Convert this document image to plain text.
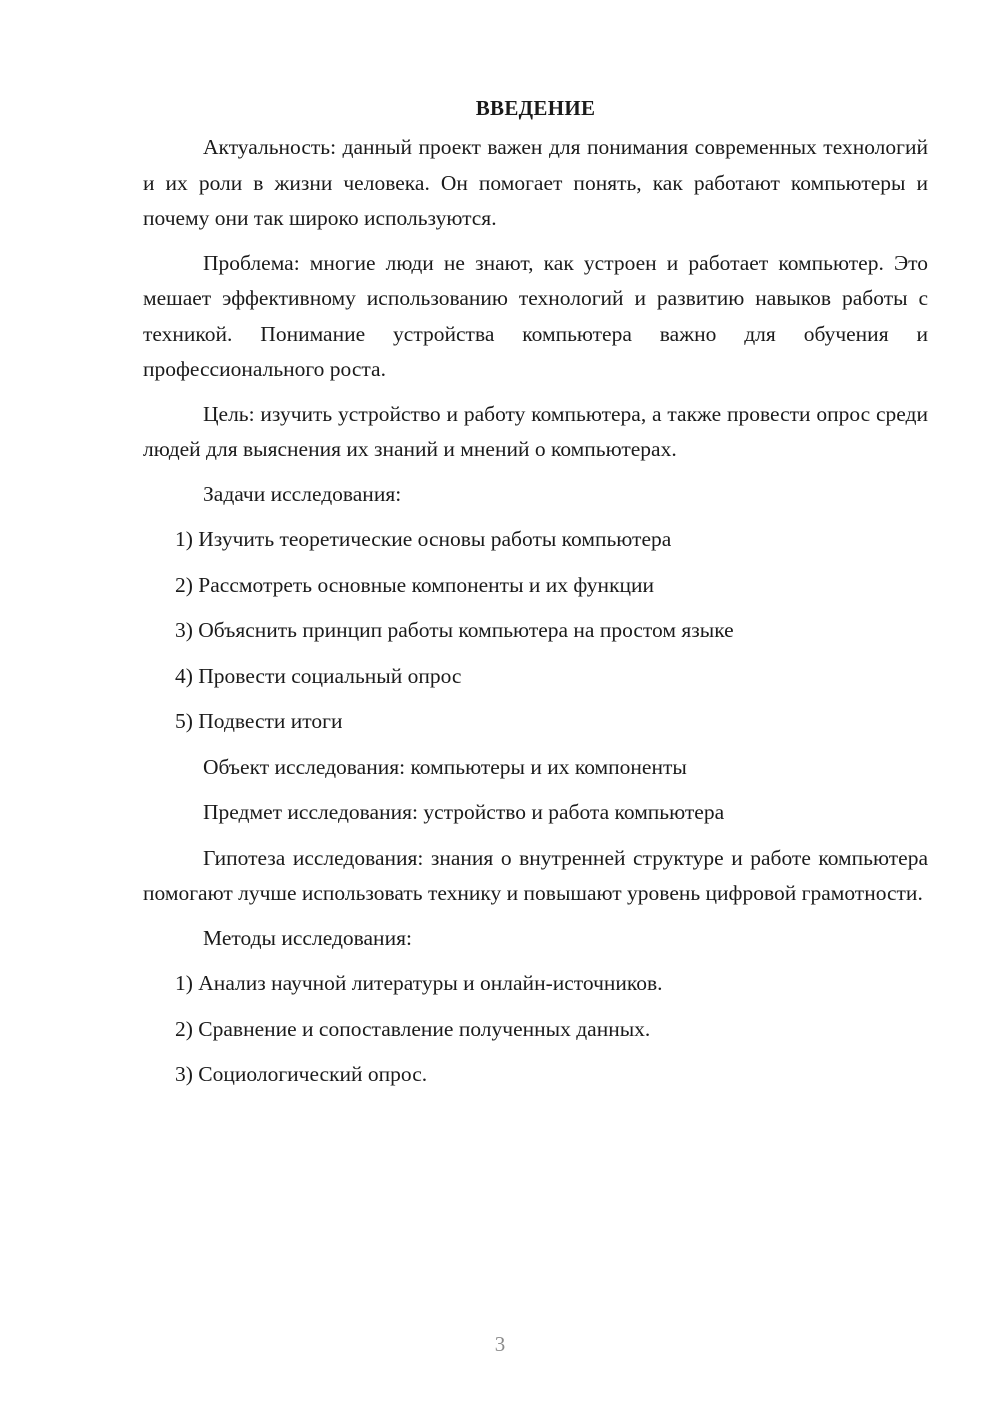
ВВЕДЕНИЕ

Актуальность: данный проект важен для понимания современных технологий и их роли в жизни человека. Он помогает понять, как работают компьютеры и почему они так широко используются.

Проблема: многие люди не знают, как устроен и работает компьютер. Это мешает эффективному использованию технологий и развитию навыков работы с техникой. Понимание устройства компьютера важно для обучения и профессионального роста.

Цель: изучить устройство и работу компьютера, а также провести опрос среди людей для выяснения их знаний и мнений о компьютерах.

Задачи исследования:
1) Изучить теоретические основы работы компьютера
2) Рассмотреть основные компоненты и их функции
3) Объяснить принцип работы компьютера на простом языке
4) Провести социальный опрос
5) Подвести итоги
Объект исследования: компьютеры и их компоненты
Предмет исследования: устройство и работа компьютера

Гипотеза исследования: знания о внутренней структуре и работе компьютера помогают лучше использовать технику и повышают уровень цифровой грамотности.

Методы исследования:
1) Анализ научной литературы и онлайн-источников.
2) Сравнение и сопоставление полученных данных.
3) Социологический опрос.
3
